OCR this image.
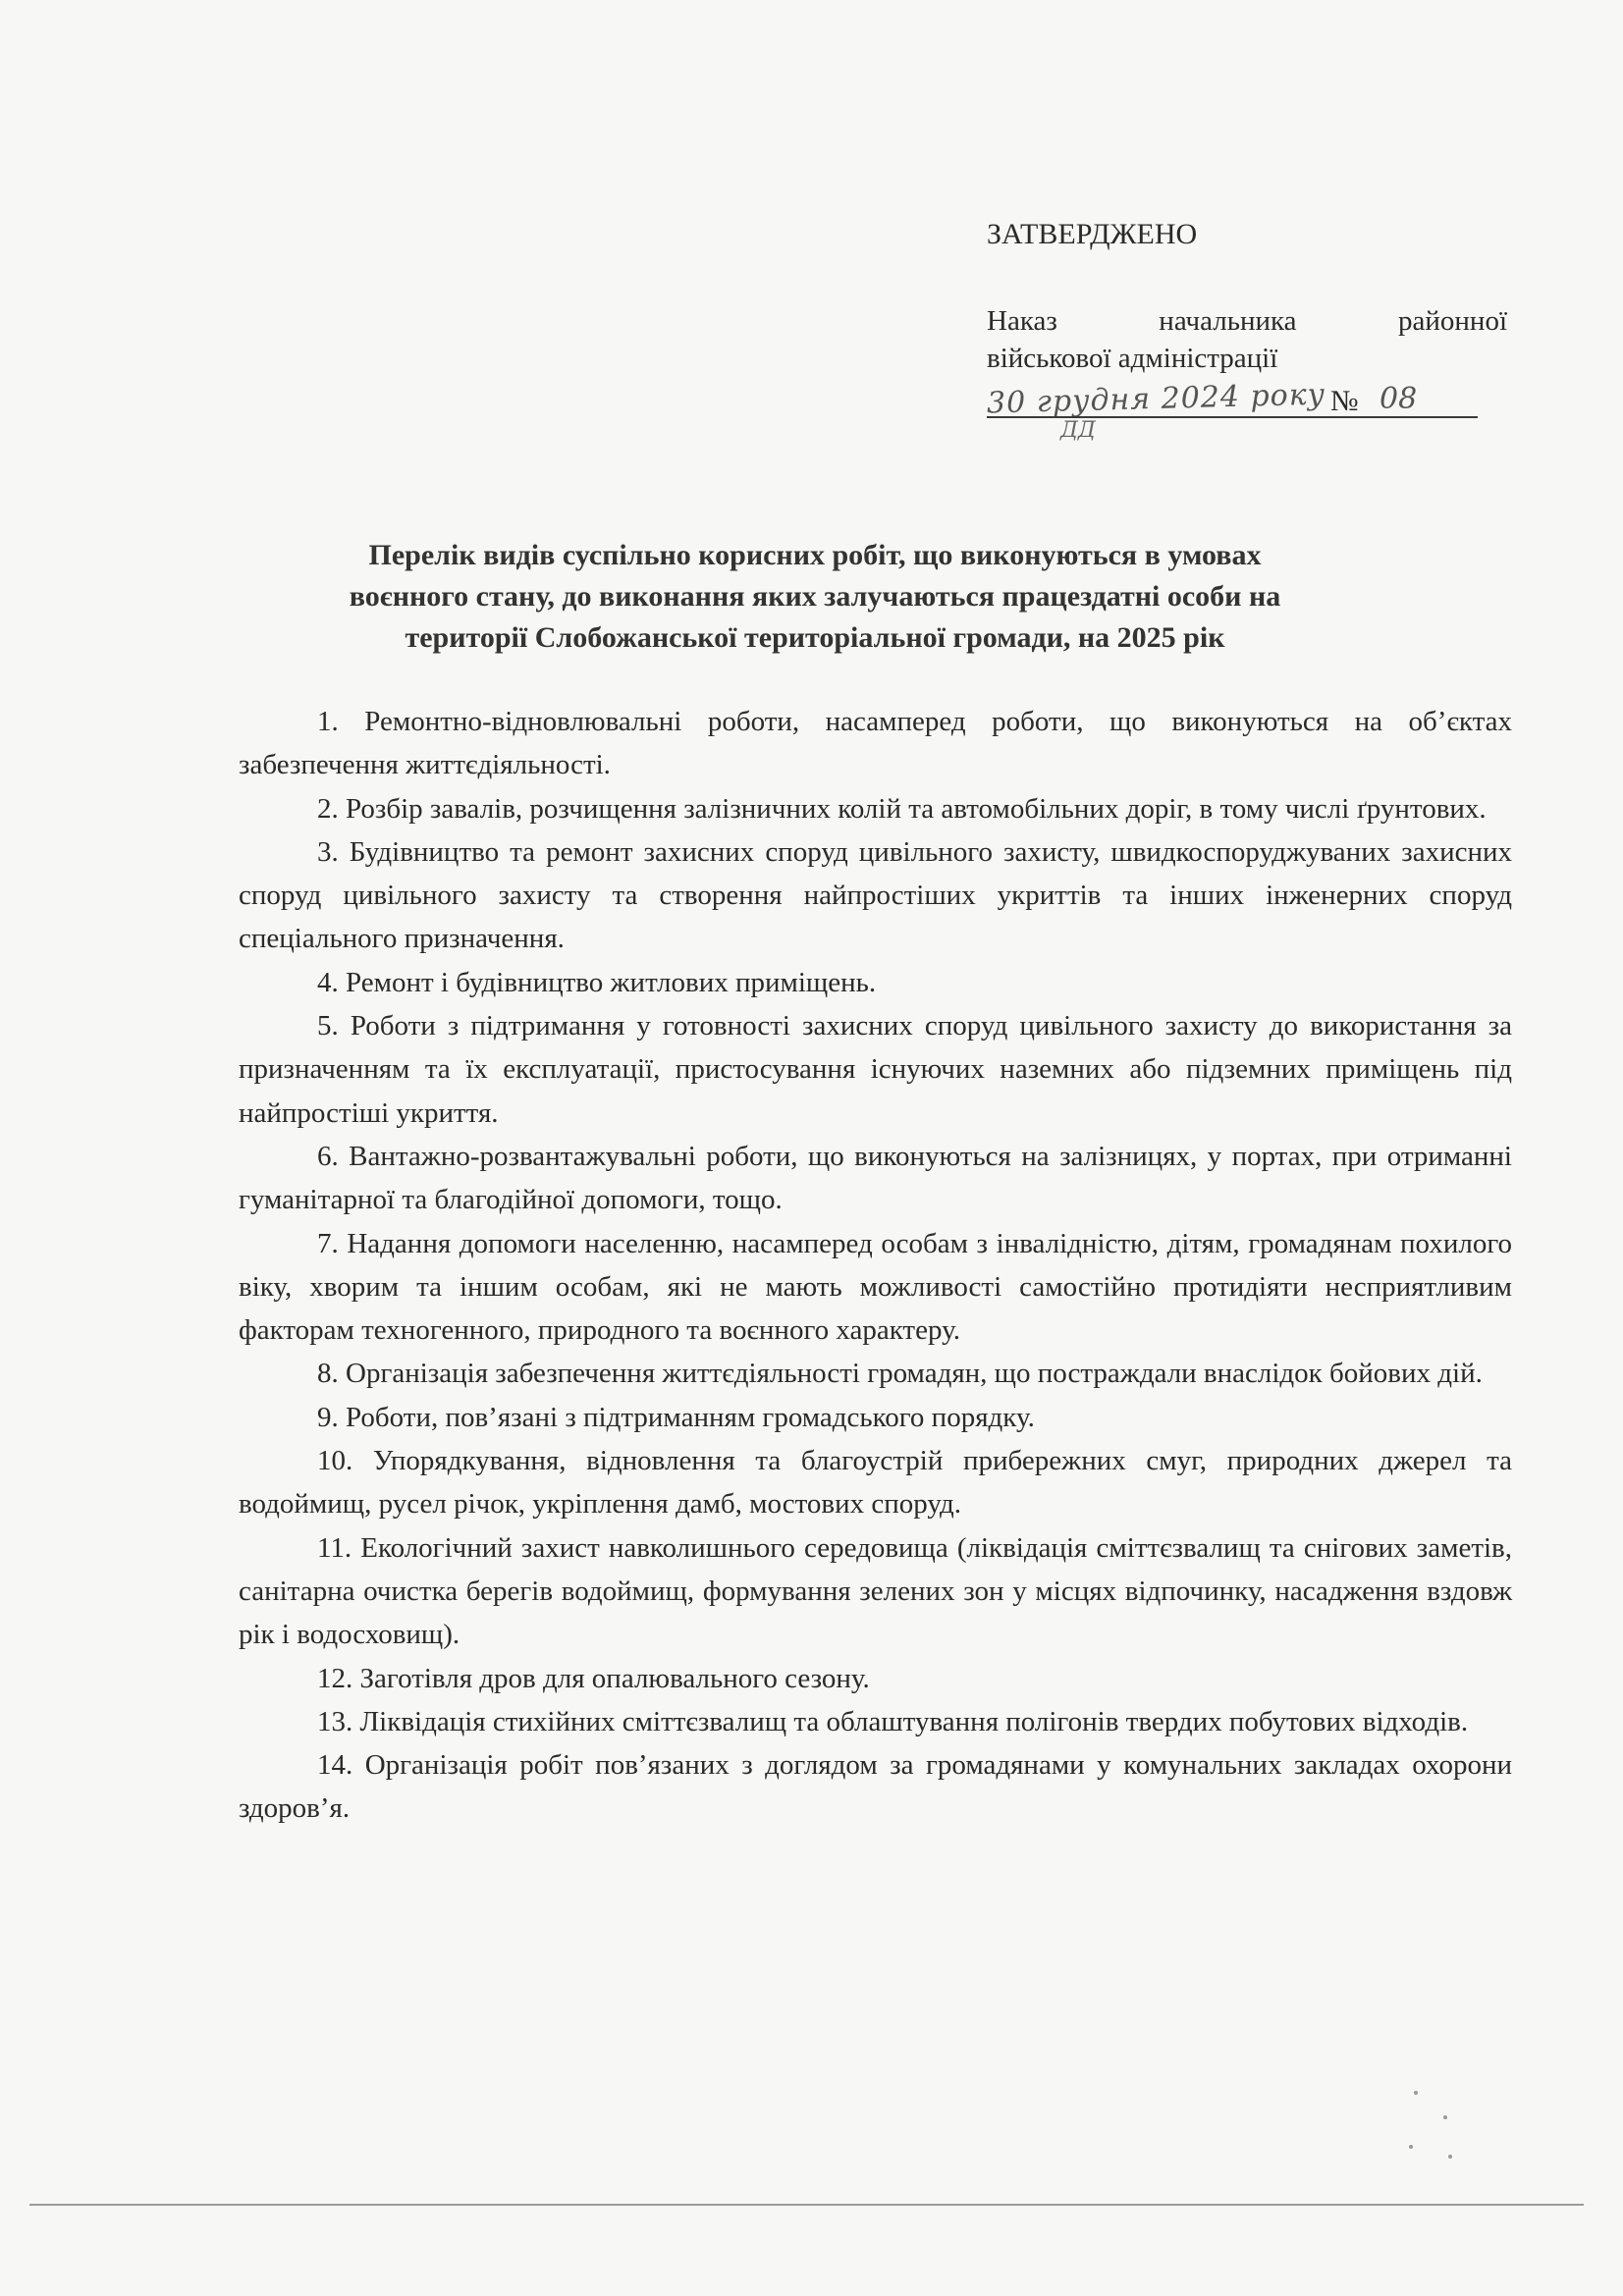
ЗАТВЕРДЖЕНО

Наказ начальника районної

військової адміністрації

30 грудня 2024 року № 08
ДД

Перелік видів суспільно корисних робіт, що виконуються в умовах

воєнного стану, до виконання яких залучаються працездатні особи на

території Слобожанської територіальної громади, на 2025 рік

1. Ремонтно-відновлювальні роботи, насамперед роботи, що виконуються на об’єктах забезпечення життєдіяльності.

2. Розбір завалів, розчищення залізничних колій та автомобільних доріг, в тому числі ґрунтових.

3. Будівництво та ремонт захисних споруд цивільного захисту, швидкоспоруджуваних захисних споруд цивільного захисту та створення найпростіших укриттів та інших інженерних споруд спеціального призначення.

4. Ремонт і будівництво житлових приміщень.

5. Роботи з підтримання у готовності захисних споруд цивільного захисту до використання за призначенням та їх експлуатації, пристосування існуючих наземних або підземних приміщень під найпростіші укриття.

6. Вантажно-розвантажувальні роботи, що виконуються на залізницях, у портах, при отриманні гуманітарної та благодійної допомоги, тощо.

7. Надання допомоги населенню, насамперед особам з інвалідністю, дітям, громадянам похилого віку, хворим та іншим особам, які не мають можливості самостійно протидіяти несприятливим факторам техногенного, природного та воєнного характеру.

8. Організація забезпечення життєдіяльності громадян, що постраждали внаслідок бойових дій.

9. Роботи, пов’язані з підтриманням громадського порядку.

10. Упорядкування, відновлення та благоустрій прибережних смуг, природних джерел та водоймищ, русел річок, укріплення дамб, мостових споруд.

11. Екологічний захист навколишнього середовища (ліквідація сміттєзвалищ та снігових заметів, санітарна очистка берегів водоймищ, формування зелених зон у місцях відпочинку, насадження вздовж рік і водосховищ).

12. Заготівля дров для опалювального сезону.

13. Ліквідація стихійних сміттєзвалищ та облаштування полігонів твердих побутових відходів.

14. Організація робіт пов’язаних з доглядом за громадянами у комунальних закладах охорони здоров’я.
